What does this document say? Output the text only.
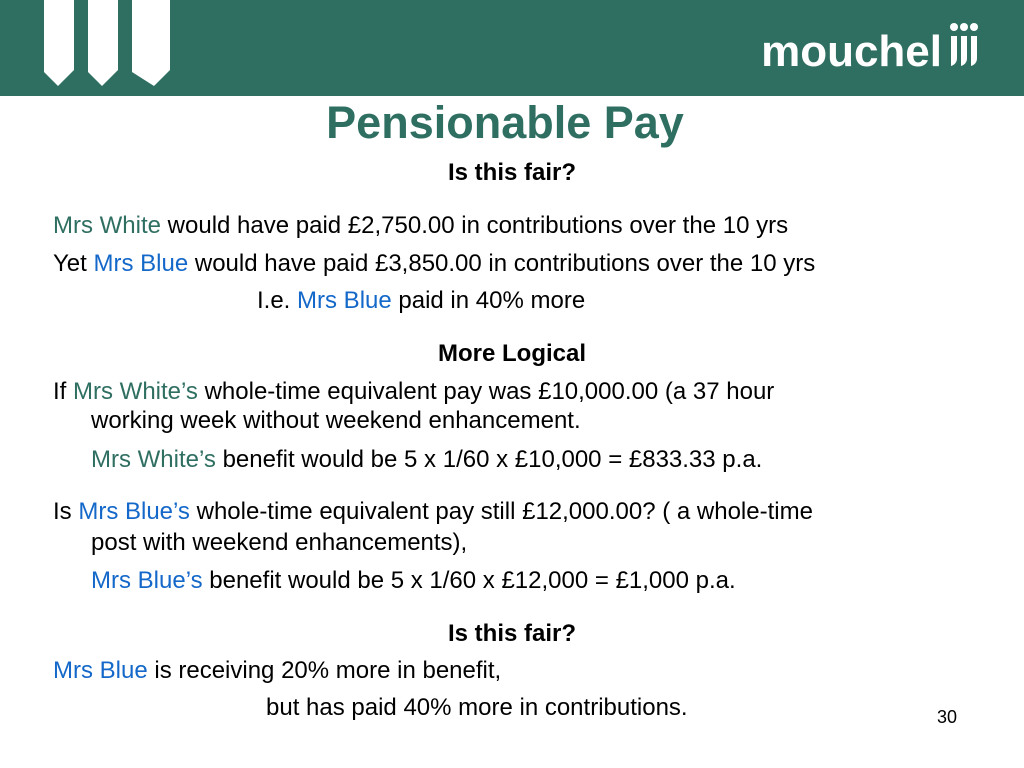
mouchel
Pensionable Pay
Is this fair?
Mrs White would have paid £2,750.00 in contributions over the 10 yrs
Yet Mrs Blue would have paid £3,850.00 in contributions over the 10 yrs
I.e. Mrs Blue paid in 40% more
More Logical
If Mrs White’s whole-time equivalent pay was £10,000.00 (a 37 hour
working week without weekend enhancement.
Mrs White’s benefit would be 5 x 1/60 x £10,000 = £833.33 p.a.
Is Mrs Blue’s whole-time equivalent pay still £12,000.00? ( a whole-time
post with weekend enhancements),
Mrs Blue’s benefit would be 5 x 1/60 x £12,000 = £1,000 p.a.
Is this fair?
Mrs Blue is receiving 20% more in benefit,
but has paid 40% more in contributions.	30
